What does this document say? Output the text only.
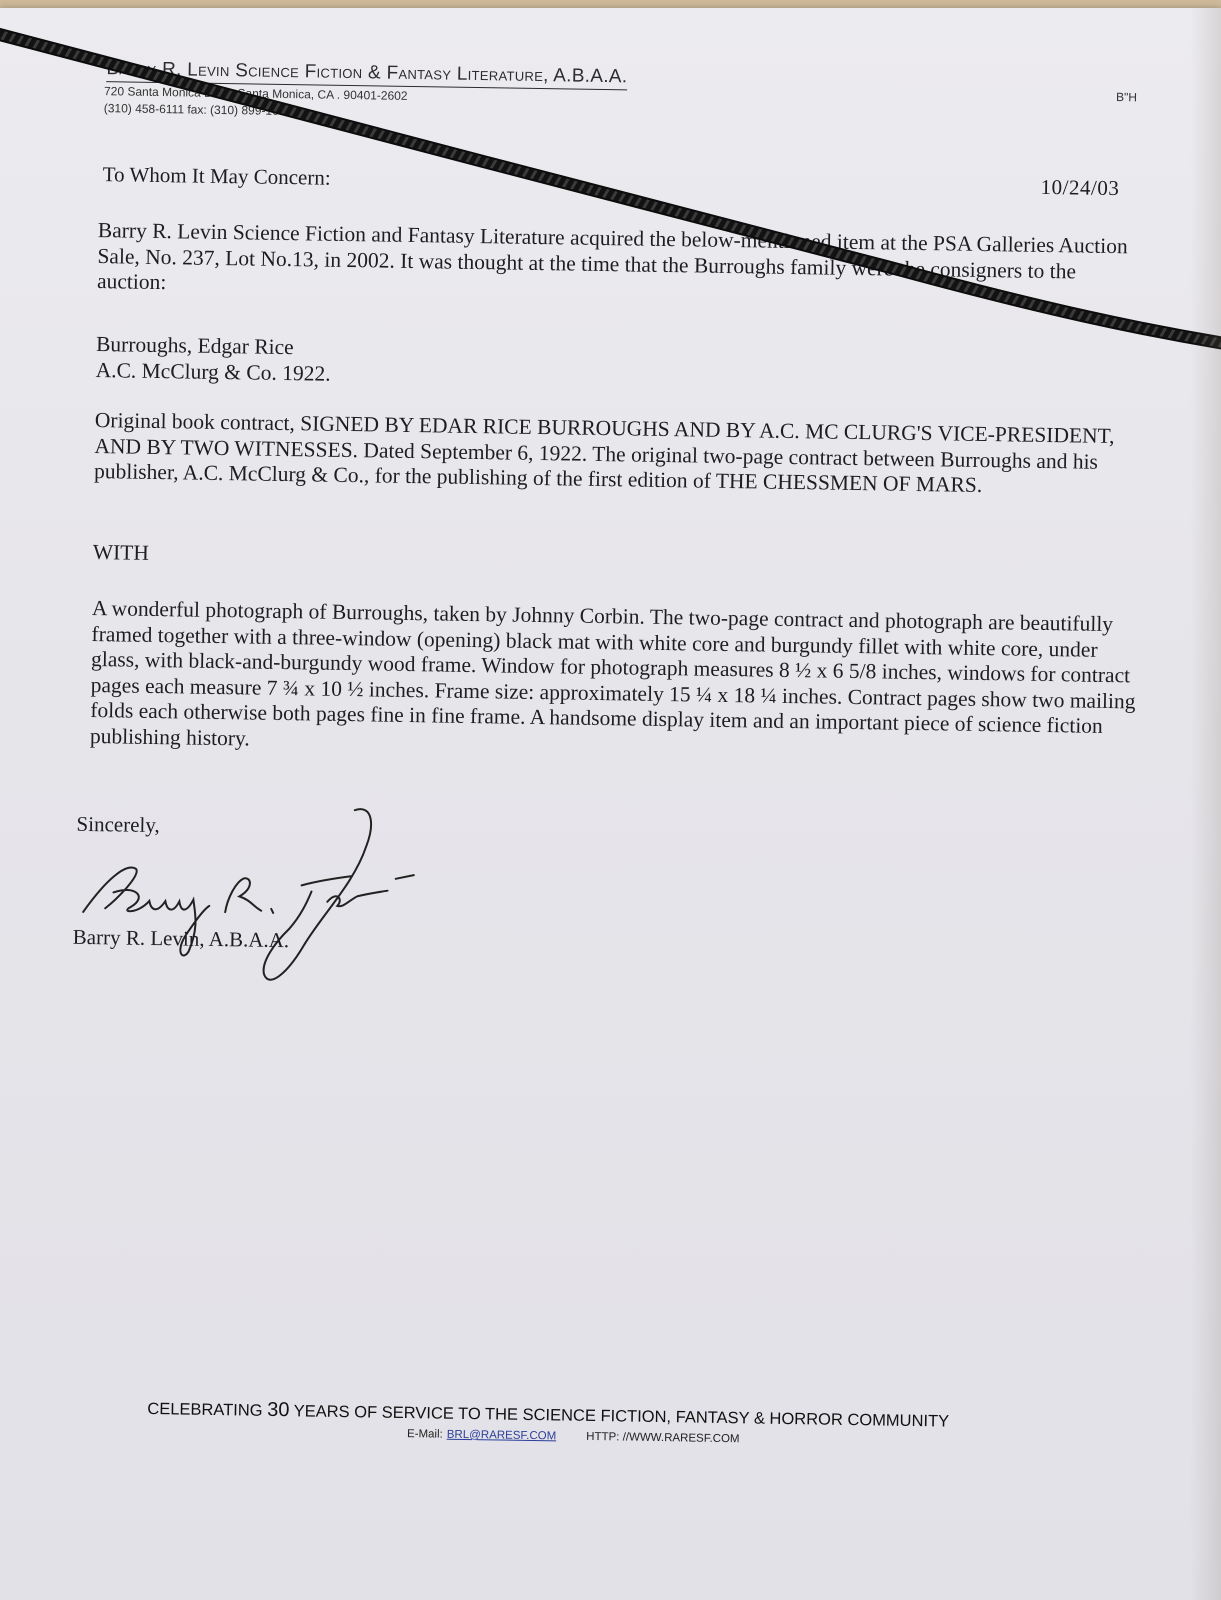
Barry R. Levin Science Fiction & Fantasy Literature, A.B.A.A.
720 Santa Monica Blvd., Santa Monica, CA . 90401-2602
(310) 458-6111 fax: (310) 899-1681
B"H
To Whom It May Concern:	10/24/03

Barry R. Levin Science Fiction and Fantasy Literature acquired the below-mentioned item at the PSA Galleries Auction Sale, No. 237, Lot No.13, in 2002. It was thought at the time that the Burroughs family were the consigners to the auction:

Burroughs, Edgar Rice
A.C. McClurg & Co. 1922.

Original book contract, SIGNED BY EDAR RICE BURROUGHS AND BY A.C. MC CLURG'S VICE-PRESIDENT, AND BY TWO WITNESSES. Dated September 6, 1922. The original two-page contract between Burroughs and his publisher, A.C. McClurg & Co., for the publishing of the first edition of THE CHESSMEN OF MARS.

WITH

A wonderful photograph of Burroughs, taken by Johnny Corbin. The two-page contract and photograph are beautifully framed together with a three-window (opening) black mat with white core and burgundy fillet with white core, under glass, with black-and-burgundy wood frame. Window for photograph measures 8 ½ x 6 5/8 inches, windows for contract pages each measure 7 ¾ x 10 ½ inches. Frame size: approximately 15 ¼ x 18 ¼ inches. Contract pages show two mailing folds each otherwise both pages fine in fine frame. A handsome display item and an important piece of science fiction publishing history.

Sincerely,
Barry R. Levin, A.B.A.A.
CELEBRATING 30 YEARS OF SERVICE TO THE SCIENCE FICTION, FANTASY & HORROR COMMUNITY
E-Mail: BRL@RARESF.COM	HTTP: //WWW.RARESF.COM
